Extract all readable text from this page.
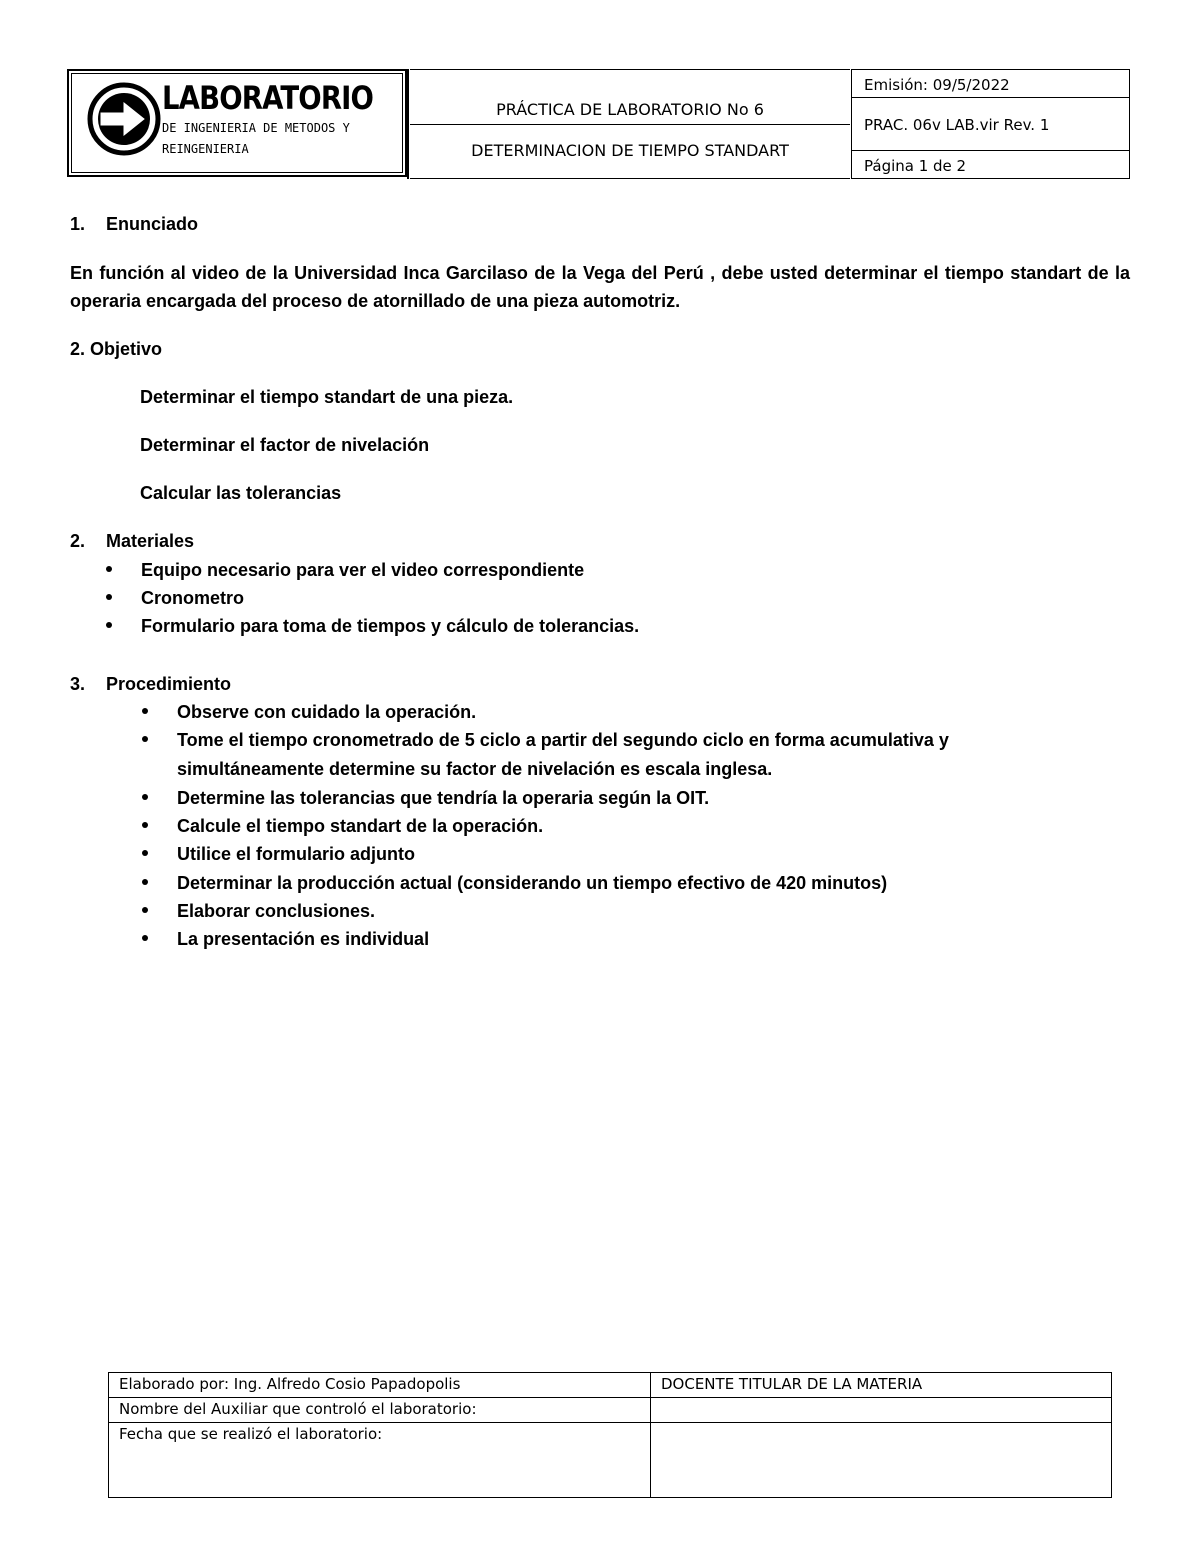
LABORATORIO
DE INGENIERIA DE METODOS Y
REINGENIERIA
PRÁCTICA DE LABORATORIO No 6
DETERMINACION DE TIEMPO STANDART
Emisión: 09/5/2022
PRAC. 06v LAB.vir Rev. 1
Página 1 de 2
1. Enunciado
En función al video de la Universidad Inca Garcilaso de la Vega del Perú , debe usted determinar el tiempo standart de la operaria encargada del proceso de atornillado de una pieza automotriz.
2. Objetivo
Determinar el tiempo standart de una pieza.
Determinar el factor de nivelación
Calcular las tolerancias
2. Materiales
Equipo necesario para ver el video correspondiente
Cronometro
Formulario para toma de tiempos y cálculo de tolerancias.
3. Procedimiento
Observe con cuidado la operación.
Tome el tiempo cronometrado de 5 ciclo a partir del segundo ciclo en forma acumulativa y
simultáneamente determine su factor de nivelación es escala inglesa.
Determine las tolerancias que tendría la operaria según la OIT.
Calcule el tiempo standart de la operación.
Utilice el formulario adjunto
Determinar la producción actual (considerando un tiempo efectivo de 420 minutos)
Elaborar conclusiones.
La presentación es individual
Elaborado por: Ing. Alfredo Cosio Papadopolis	DOCENTE TITULAR DE LA MATERIA
Nombre del Auxiliar que controló el laboratorio:	
Fecha que se realizó el laboratorio:	
